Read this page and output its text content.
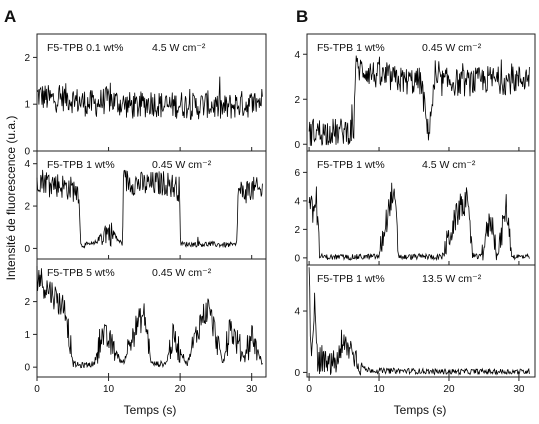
A	B
Intensité de fluorescence (u.a.)
Temps (s)	Temps (s)
0
1
2
F5-TPB 0.1 wt%	4.5 W cm⁻²
0
2
4 F5-TPB 1 wt%	0.45 W cm⁻²
0
1
2
0	10	20	30
F5-TPB 5 wt%	0.45 W cm⁻²
0
2
4
F5-TPB 1 wt%	0.45 W cm⁻²
0
2
4
6
F5-TPB 1 wt%	4.5 W cm⁻²
0
4
0	10	20	30
F5-TPB 1 wt%	13.5 W cm⁻²
